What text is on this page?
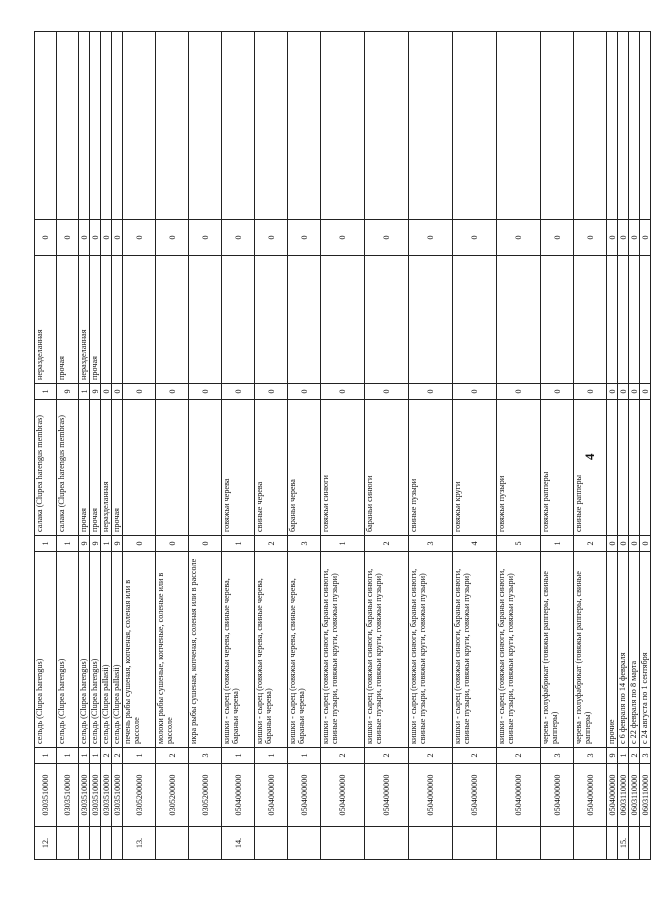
4
12.	0303510000	1	сельдь (Clupea harengus)	1	салака (Clupea harengus membras)	1	неразделанная	0	
	0303510000	1	сельдь (Clupea harengus)	1	салака (Clupea harengus membras)	9	прочая	0	
	0303510000	1	сельдь (Clupea harengus)	9	прочая	1	неразделанная	0	
	0303510000	1	сельдь (Clupea harengus)	9	прочая	9	прочая	0	
	0303510000	2	сельдь (Clupea pallasii)	1	неразделанная	0		0	
	0303510000	2	сельдь (Clupea pallasii)	9	прочая	0		0	
13.	0305200000	1	печень рыбы сушеная, копченая, соленая или в рассоле	0		0		0	
	0305200000	2	молоки рыбы сушеные, копченые, соленые или в рассоле	0		0		0	
	0305200000	3	икра рыбы сушеная, копченая, соленая или в рассоле	0		0		0	
14.	0504000000	1	кишки - сырец (говяжьи черева, свиные черева, бараньи черева)	1	говяжьи черева	0		0	
	0504000000	1	кишки - сырец (говяжьи черева, свиные черева, бараньи черева)	2	свиные черева	0		0	
	0504000000	1	кишки - сырец (говяжьи черева, свиные черева, бараньи черева)	3	бараньи черева	0		0	
	0504000000	2	кишки - сырец (говяжьи синюги, бараньи синюги, свиные пузыри, говяжьи круги, говяжьи пузыри)	1	говяжьи синюги	0		0	
	0504000000	2	кишки - сырец (говяжьи синюги, бараньи синюги, свиные пузыри, говяжьи круги, говяжьи пузыри)	2	бараньи синюги	0		0	
	0504000000	2	кишки - сырец (говяжьи синюги, бараньи синюги, свиные пузыри, говяжьи круги, говяжьи пузыри)	3	свиные пузыри	0		0	
	0504000000	2	кишки - сырец (говяжьи синюги, бараньи синюги, свиные пузыри, говяжьи круги, говяжьи пузыри)	4	говяжьи круги	0		0	
	0504000000	2	кишки - сырец (говяжьи синюги, бараньи синюги, свиные пузыри, говяжьи круги, говяжьи пузыри)	5	говяжьи пузыри	0		0	
	0504000000	3	черева - полуфабрикат (говяжьи рапперы, свиные рапперы)	1	говяжьи рапперы	0		0	
	0504000000	3	черева - полуфабрикат (говяжьи рапперы, свиные рапперы)	2	свиные рапперы	0		0	
	0504000000	9	прочие	0		0		0	
15.	0603110000	1	с 6 февраля по 14 февраля	0		0		0	
	0603110000	2	с 22 февраля по 8 марта	0		0		0	
	0603110000	3	с 24 августа по 1 сентября	0		0		0	
